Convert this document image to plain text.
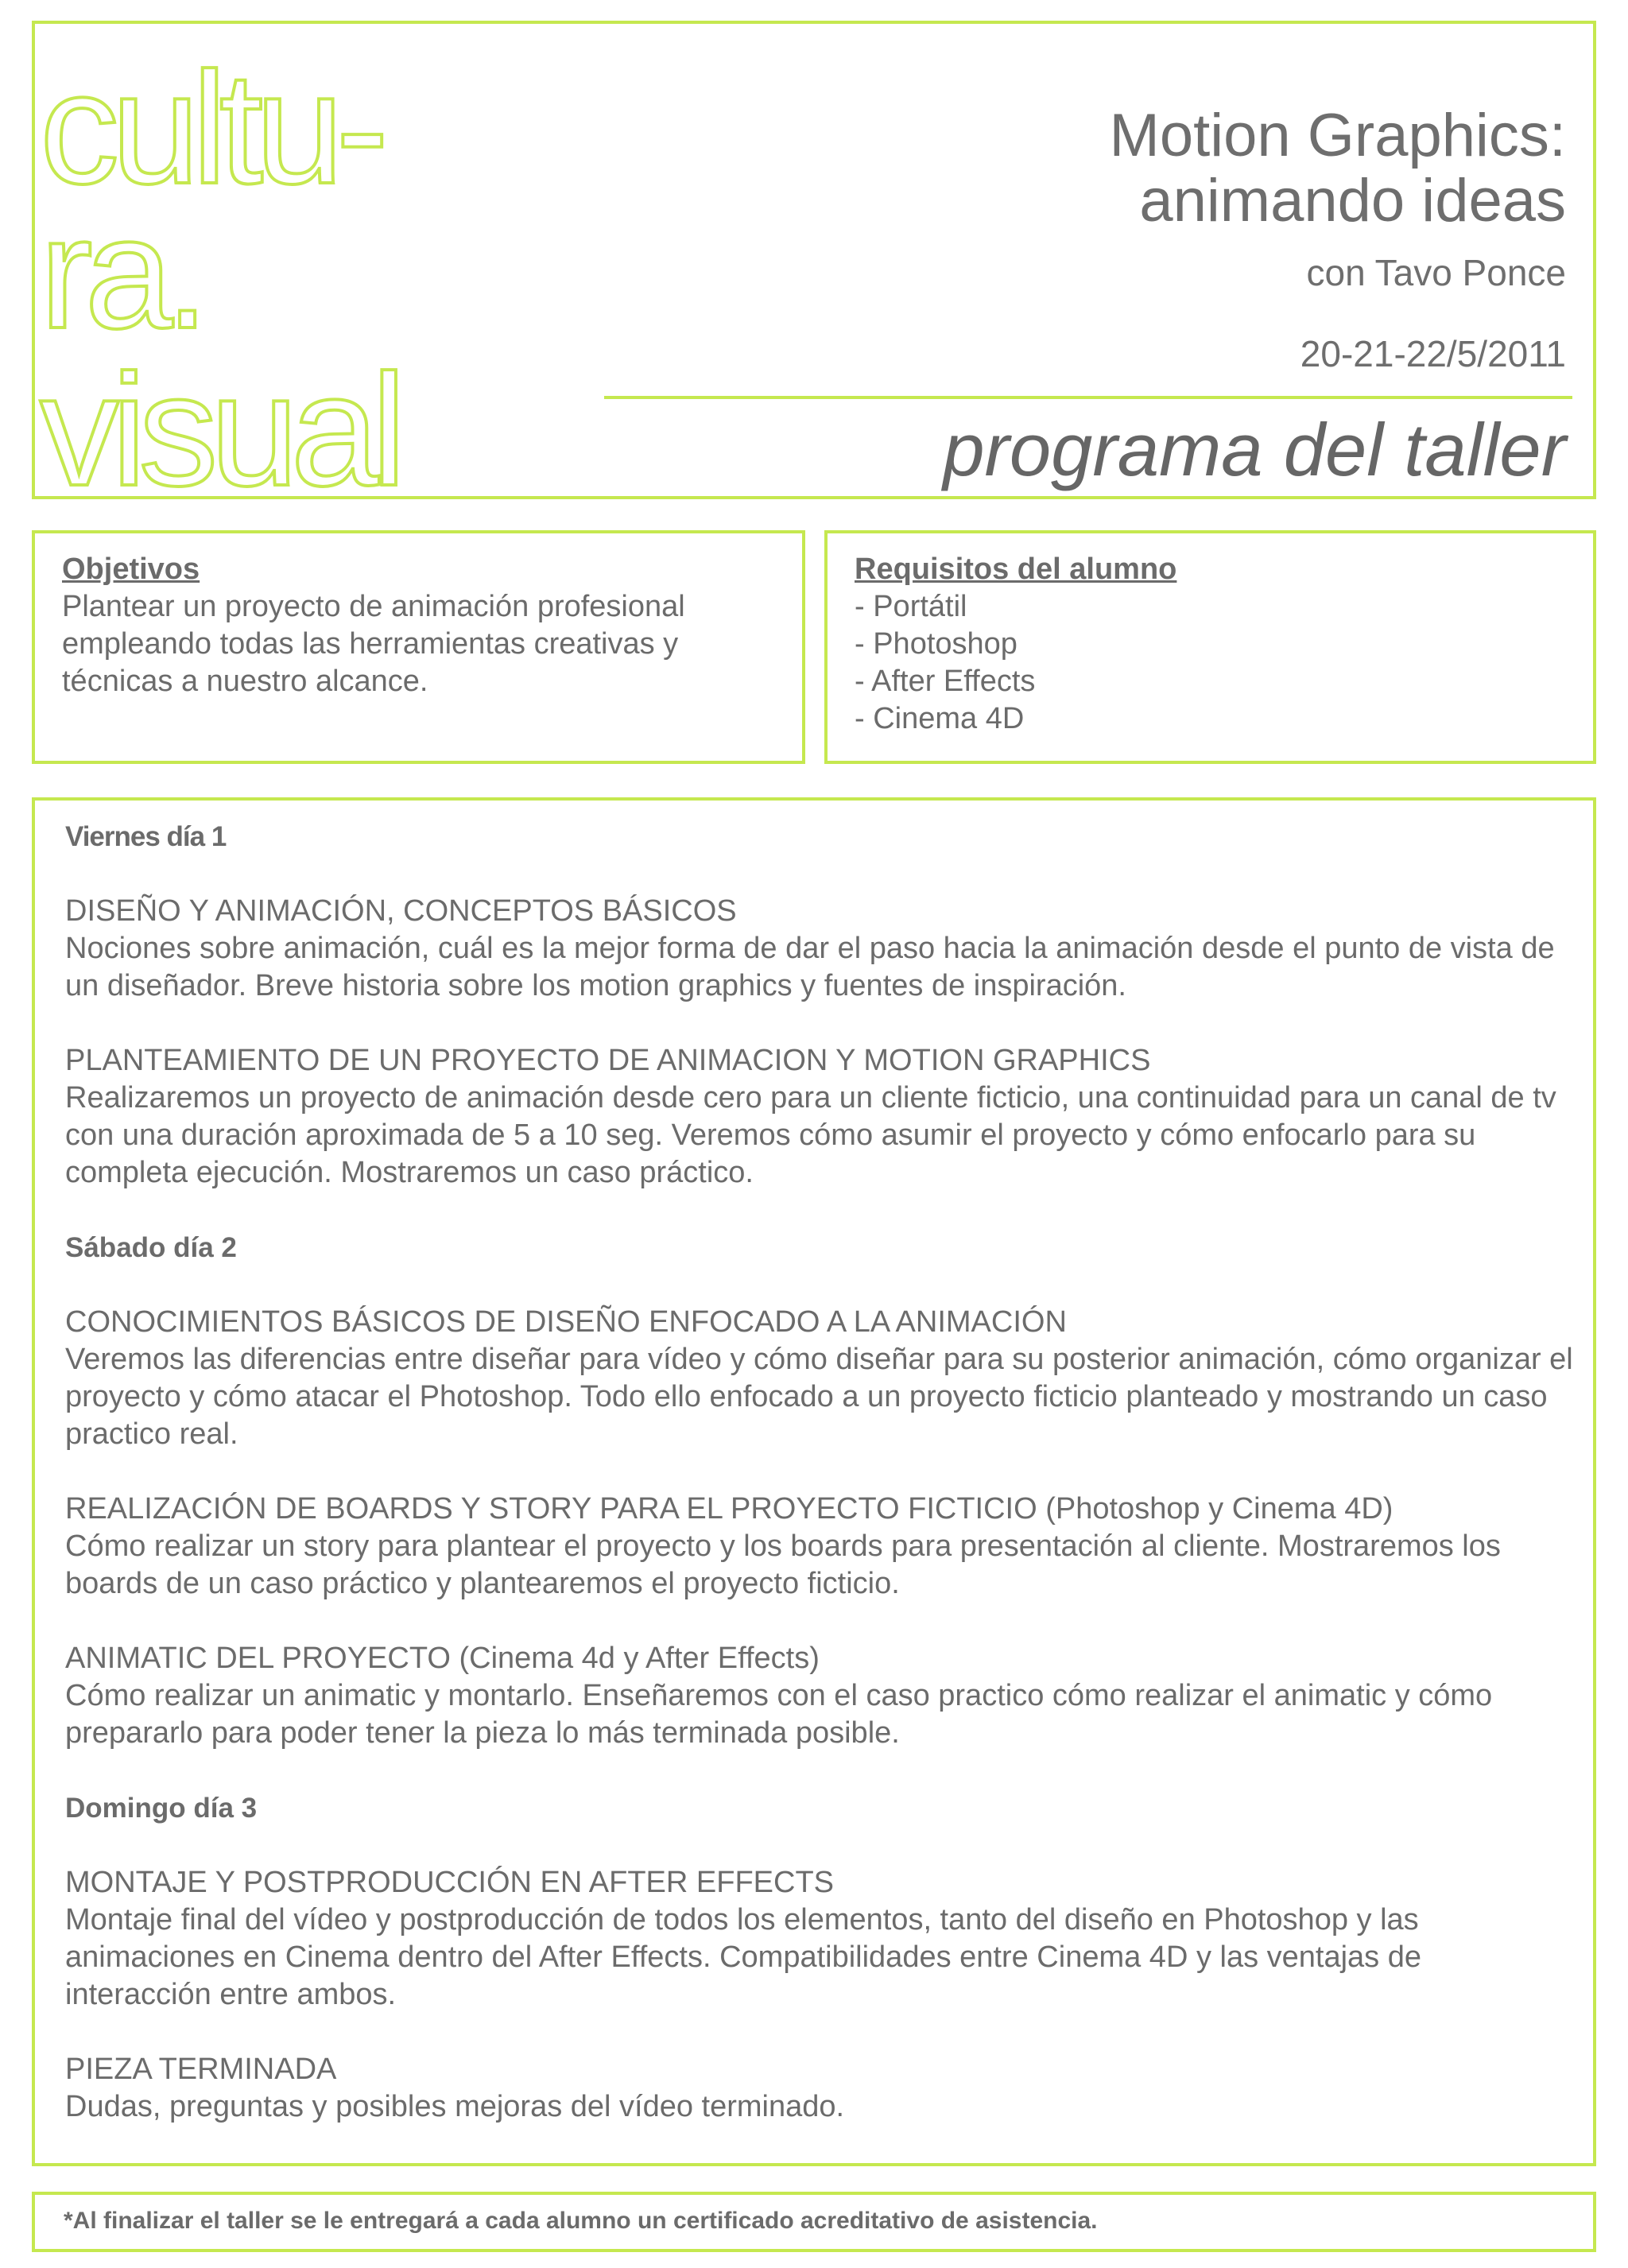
cultu-
ra.
visual
Motion Graphics:
animando ideas
con Tavo Ponce
20-21-22/5/2011
programa del taller
Objetivos
Plantear un proyecto de animación profesional empleando todas las herramientas creativas y técnicas a nuestro alcance.
Requisitos del alumno
- Portátil
- Photoshop
- After Effects
- Cinema 4D
Viernes día 1
DISEÑO Y ANIMACIÓN, CONCEPTOS BÁSICOS
Nociones sobre animación, cuál es la mejor forma de dar el paso hacia la animación desde el punto de vista de un diseñador. Breve historia sobre los motion graphics y fuentes de inspiración.
PLANTEAMIENTO DE UN PROYECTO DE ANIMACION Y MOTION GRAPHICS
Realizaremos un proyecto de animación desde cero para un cliente ficticio, una continuidad para un canal de tv con una duración aproximada de 5 a 10 seg. Veremos cómo asumir el proyecto y cómo enfocarlo para su completa ejecución. Mostraremos un caso práctico.
Sábado día 2
CONOCIMIENTOS BÁSICOS DE DISEÑO ENFOCADO A LA ANIMACIÓN
Veremos las diferencias entre diseñar para vídeo y cómo diseñar para su posterior animación, cómo organizar el proyecto y cómo atacar el Photoshop. Todo ello enfocado a un proyecto ficticio planteado y mostrando un caso practico real.
REALIZACIÓN DE BOARDS Y STORY PARA EL PROYECTO FICTICIO (Photoshop y Cinema 4D)
Cómo realizar un story para plantear el proyecto y los boards para presentación al cliente. Mostraremos los boards de un caso práctico y plantearemos el proyecto ficticio.
ANIMATIC DEL PROYECTO (Cinema 4d y After Effects)
Cómo realizar un animatic y montarlo. Enseñaremos con el caso practico cómo realizar el animatic y cómo prepararlo para poder tener la pieza lo más terminada posible.
Domingo día 3
MONTAJE Y POSTPRODUCCIÓN EN AFTER EFFECTS
Montaje final del vídeo y postproducción de todos los elementos, tanto del diseño en Photoshop y las animaciones en Cinema dentro del After Effects. Compatibilidades entre Cinema 4D y las ventajas de interacción entre ambos.
PIEZA TERMINADA
Dudas, preguntas y posibles mejoras del vídeo terminado.
*Al finalizar el taller se le entregará a cada alumno un certificado acreditativo de asistencia.
